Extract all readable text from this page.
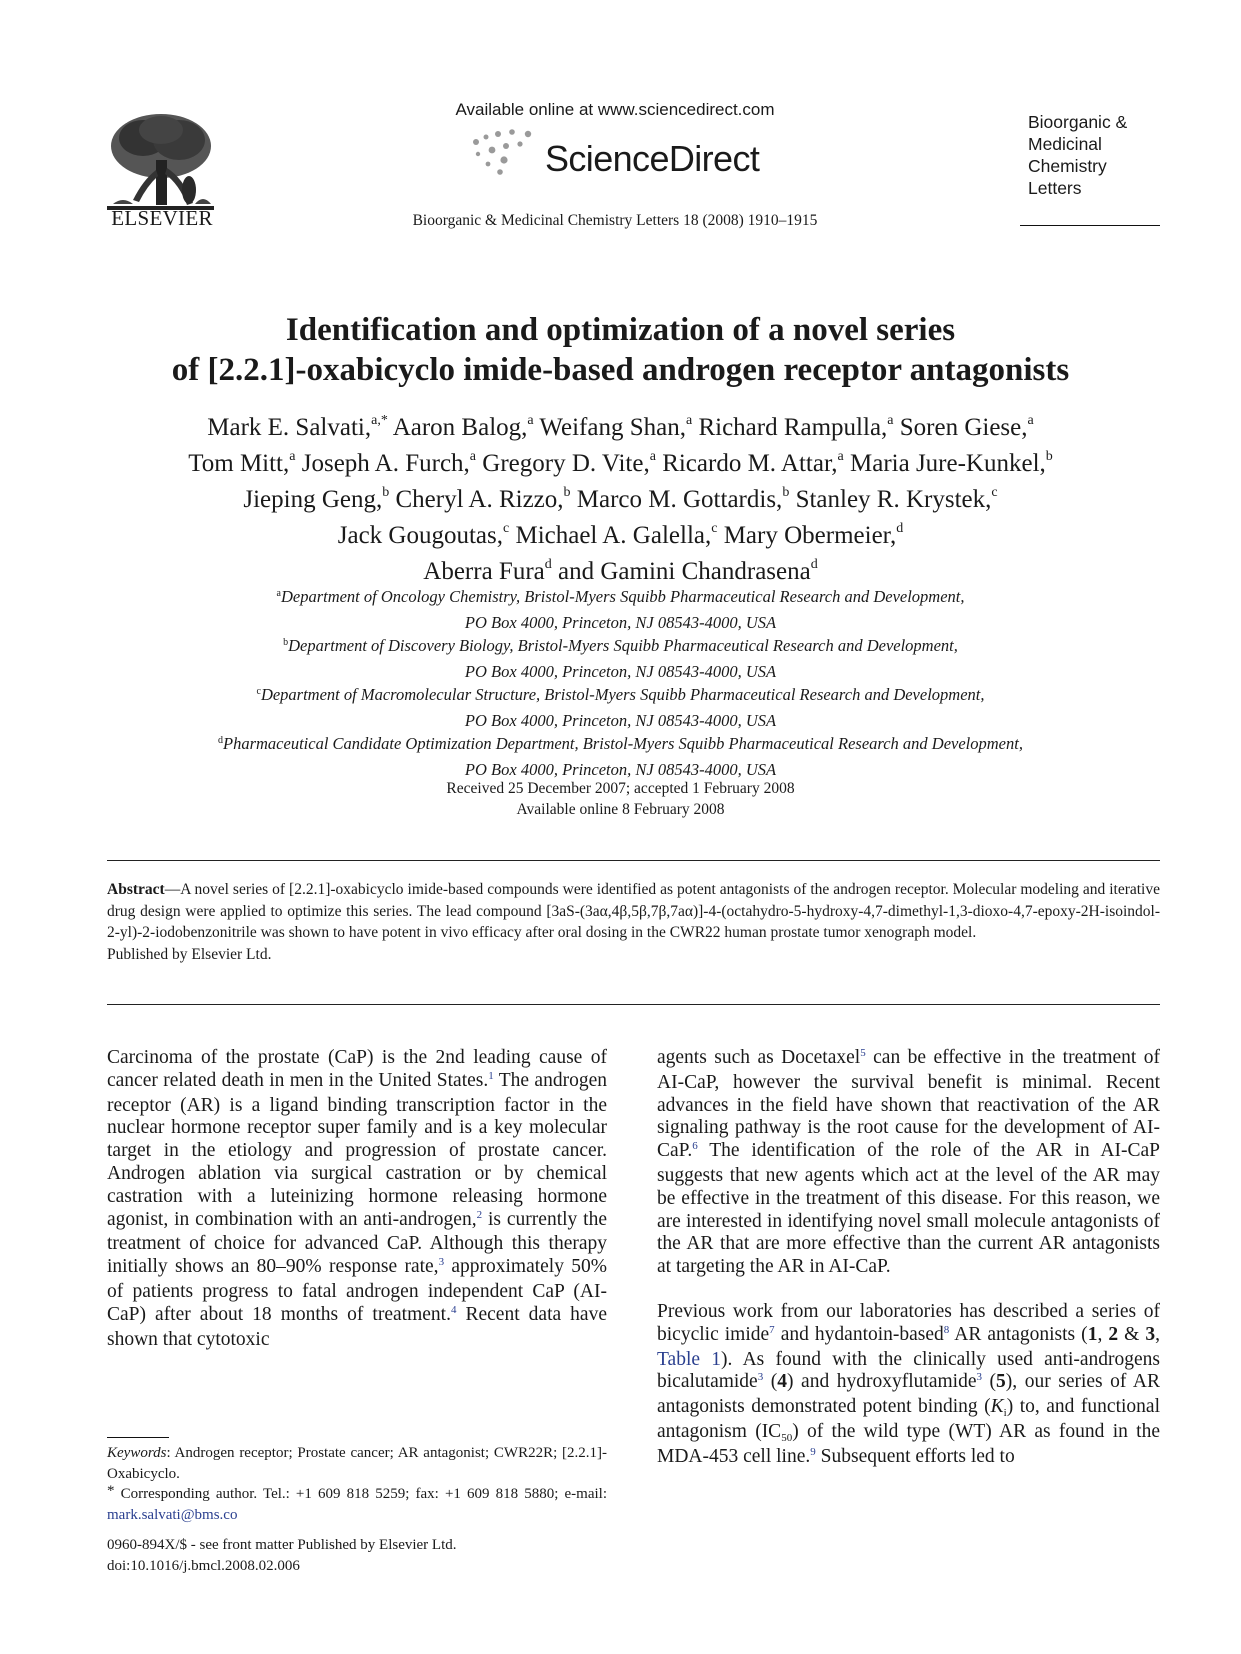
ELSEVIER
Available online at www.sciencedirect.com
ScienceDirect
Bioorganic & Medicinal Chemistry Letters 18 (2008) 1910–1915
Bioorganic &
Medicinal
Chemistry
Letters
Identification and optimization of a novel series
of [2.2.1]-oxabicyclo imide-based androgen receptor antagonists
Mark E. Salvati,$^{a,*}$ Aaron Balog,$^a$ Weifang Shan,$^a$ Richard Rampulla,$^a$ Soren Giese,$^a$
Tom Mitt,$^a$ Joseph A. Furch,$^a$ Gregory D. Vite,$^a$ Ricardo M. Attar,$^a$ Maria Jure-Kunkel,$^b$
Jieping Geng,$^b$ Cheryl A. Rizzo,$^b$ Marco M. Gottardis,$^b$ Stanley R. Krystek,$^c$
Jack Gougoutas,$^c$ Michael A. Galella,$^c$ Mary Obermeier,$^d$
Aberra Fura$^d$ and Gamini Chandrasena$^d$
$^a$Department of Oncology Chemistry, Bristol-Myers Squibb Pharmaceutical Research and Development,
PO Box 4000, Princeton, NJ 08543-4000, USA
$^b$Department of Discovery Biology, Bristol-Myers Squibb Pharmaceutical Research and Development,
PO Box 4000, Princeton, NJ 08543-4000, USA
$^c$Department of Macromolecular Structure, Bristol-Myers Squibb Pharmaceutical Research and Development,
PO Box 4000, Princeton, NJ 08543-4000, USA
$^d$Pharmaceutical Candidate Optimization Department, Bristol-Myers Squibb Pharmaceutical Research and Development,
PO Box 4000, Princeton, NJ 08543-4000, USA
Received 25 December 2007; accepted 1 February 2008
Available online 8 February 2008
Abstract—A novel series of [2.2.1]-oxabicyclo imide-based compounds were identified as potent antagonists of the androgen receptor. Molecular modeling and iterative drug design were applied to optimize this series. The lead compound [3aS-(3aα,4β,5β,7β,7aα)]-4-(octahydro-5-hydroxy-4,7-dimethyl-1,3-dioxo-4,7-epoxy-2H-isoindol-2-yl)-2-iodobenzonitrile was shown to have potent in vivo efficacy after oral dosing in the CWR22 human prostate tumor xenograph model.
Published by Elsevier Ltd.

Carcinoma of the prostate (CaP) is the 2nd leading cause of cancer related death in men in the United States.$^1$ The androgen receptor (AR) is a ligand binding transcription factor in the nuclear hormone receptor super family and is a key molecular target in the etiology and progression of prostate cancer. Androgen ablation via surgical castration or by chemical castration with a luteinizing hormone releasing hormone agonist, in combination with an anti-androgen,$^2$ is currently the treatment of choice for advanced CaP. Although this therapy initially shows an 80–90% response rate,$^3$ approximately 50% of patients progress to fatal androgen independent CaP (AI-CaP) after about 18 months of treatment.$^4$ Recent data have shown that cytotoxic

agents such as Docetaxel$^5$ can be effective in the treatment of AI-CaP, however the survival benefit is minimal. Recent advances in the field have shown that reactivation of the AR signaling pathway is the root cause for the development of AI-CaP.$^6$ The identification of the role of the AR in AI-CaP suggests that new agents which act at the level of the AR may be effective in the treatment of this disease. For this reason, we are interested in identifying novel small molecule antagonists of the AR that are more effective than the current AR antagonists at targeting the AR in AI-CaP.

Previous work from our laboratories has described a series of bicyclic imide$^7$ and hydantoin-based$^8$ AR antagonists (1, 2 & 3, Table 1). As found with the clinically used anti-androgens bicalutamide$^3$ (4) and hydroxyflutamide$^3$ (5), our series of AR antagonists demonstrated potent binding $(K_i)$ to, and functional antagonism $(IC_{50})$ of the wild type (WT) AR as found in the MDA-453 cell line.$^9$ Subsequent efforts led to

Keywords: Androgen receptor; Prostate cancer; AR antagonist; CWR22R; [2.2.1]-Oxabicyclo.

* Corresponding author. Tel.: +1 609 818 5259; fax: +1 609 818 5880; e-mail: mark.salvati@bms.co

0960-894X/$ - see front matter Published by Elsevier Ltd.
doi:10.1016/j.bmcl.2008.02.006
